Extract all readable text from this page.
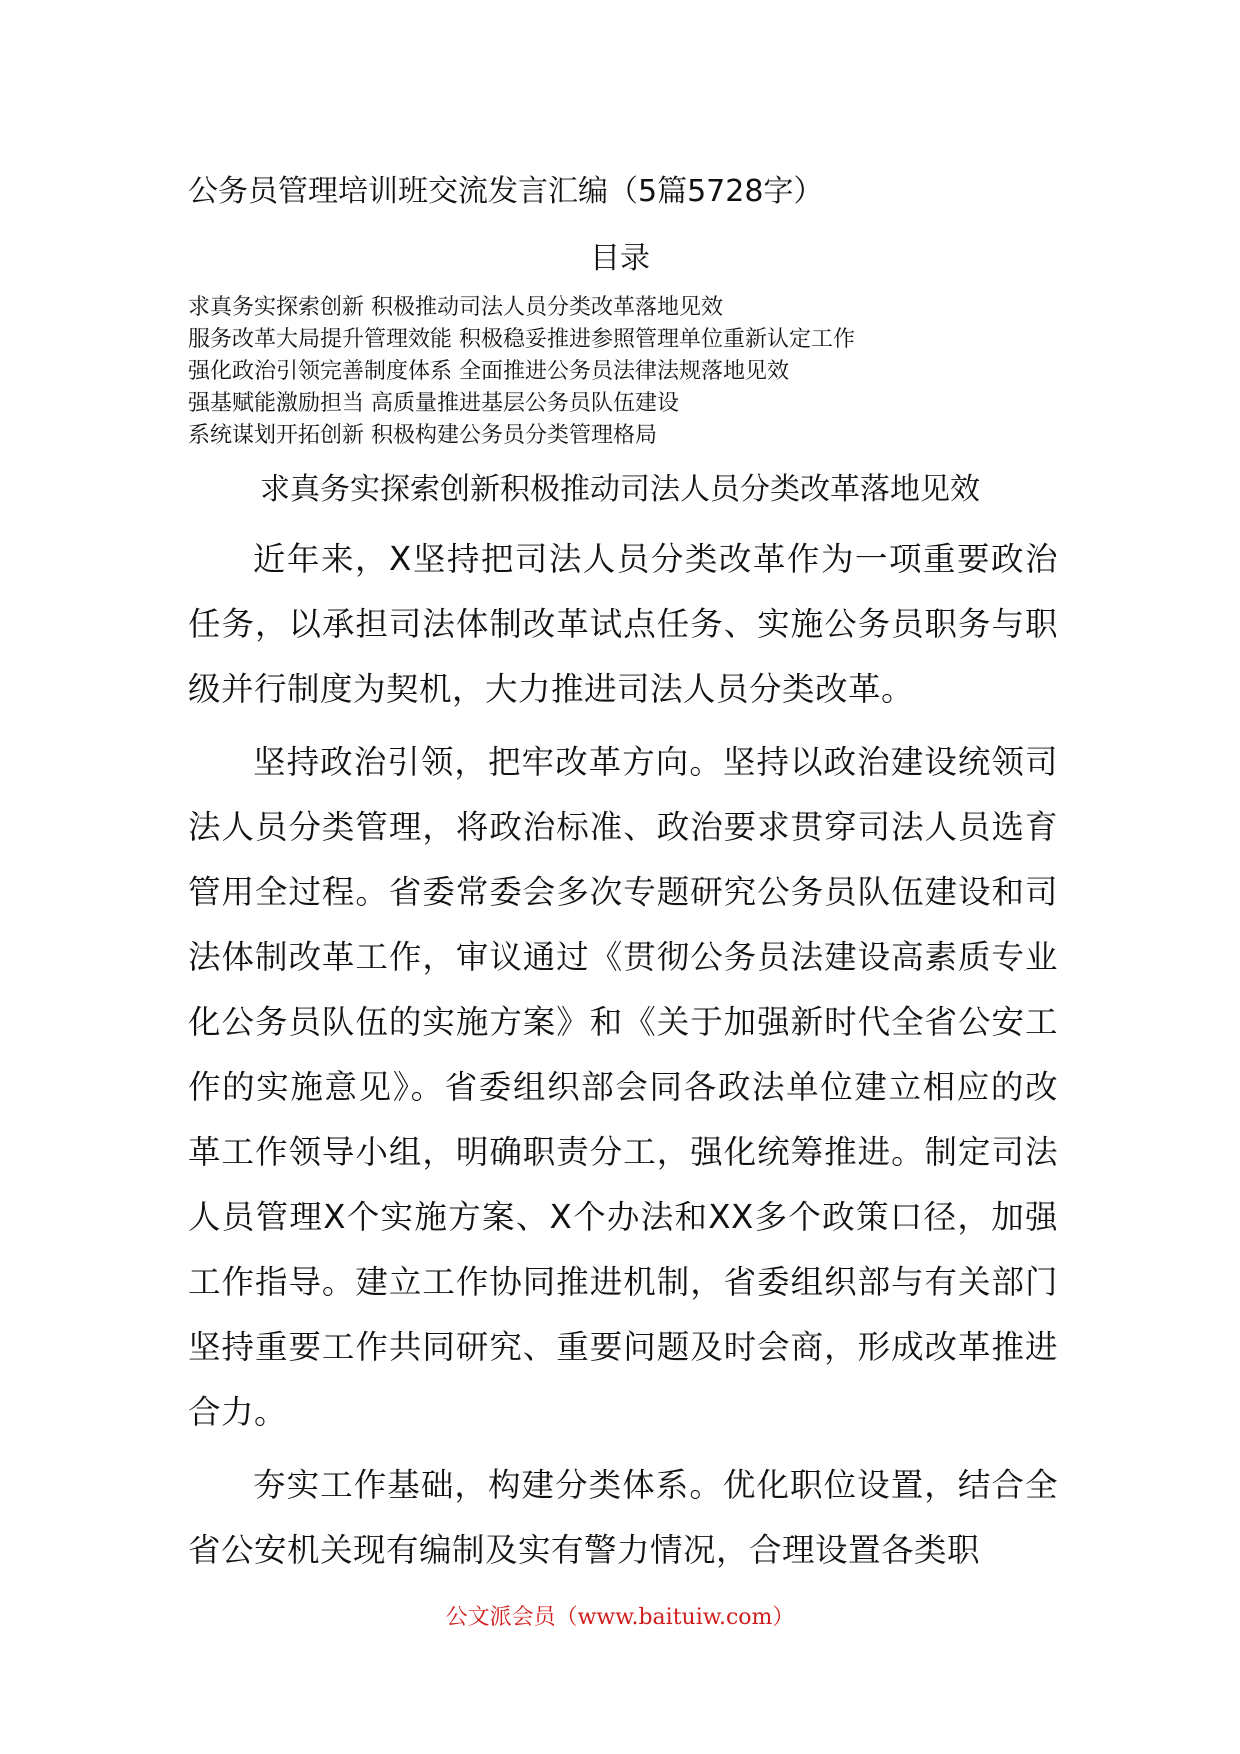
公务员管理培训班交流发言汇编（5篇5728字）
目录
求真务实探索创新 积极推动司法人员分类改革落地见效
服务改革大局提升管理效能 积极稳妥推进参照管理单位重新认定工作
强化政治引领完善制度体系 全面推进公务员法律法规落地见效
强基赋能激励担当 高质量推进基层公务员队伍建设
系统谋划开拓创新 积极构建公务员分类管理格局
求真务实探索创新积极推动司法人员分类改革落地见效

近年来，X坚持把司法人员分类改革作为一项重要政治任务，以承担司法体制改革试点任务、实施公务员职务与职级并行制度为契机，大力推进司法人员分类改革。

坚持政治引领，把牢改革方向。坚持以政治建设统领司法人员分类管理，将政治标准、政治要求贯穿司法人员选育管用全过程。省委常委会多次专题研究公务员队伍建设和司法体制改革工作，审议通过《贯彻公务员法建设高素质专业化公务员队伍的实施方案》和《关于加强新时代全省公安工作的实施意见》。省委组织部会同各政法单位建立相应的改革工作领导小组，明确职责分工，强化统筹推进。制定司法人员管理X个实施方案、X个办法和XX多个政策口径，加强工作指导。建立工作协同推进机制，省委组织部与有关部门坚持重要工作共同研究、重要问题及时会商，形成改革推进合力。

夯实工作基础，构建分类体系。优化职位设置，结合全省公安机关现有编制及实有警力情况，合理设置各类职

公文派会员（www.baituiw.com）
